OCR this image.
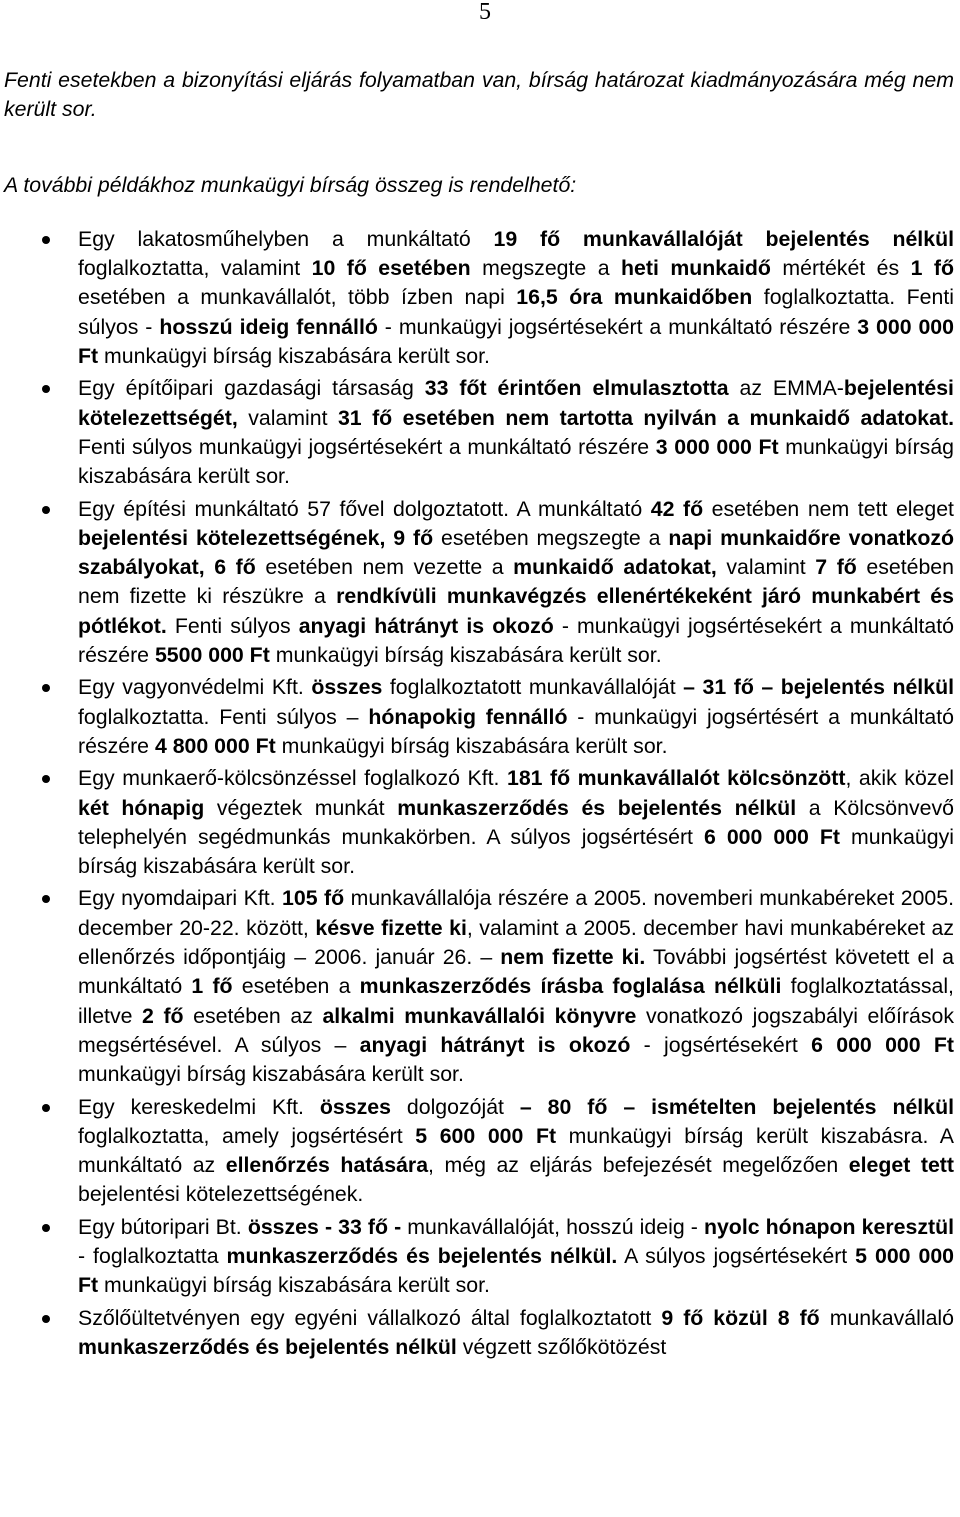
5

Fenti esetekben a bizonyítási eljárás folyamatban van, bírság határozat kiadmányozására még nem került sor.

A további példákhoz munkaügyi bírság összeg is rendelhető:

Egy lakatosműhelyben a munkáltató 19 fő munkavállalóját bejelentés nélkül foglalkoztatta, valamint 10 fő esetében megszegte a heti munkaidő mértékét és 1 fő esetében a munkavállalót, több ízben napi 16,5 óra munkaidőben foglalkoztatta. Fenti súlyos - hosszú ideig fennálló - munkaügyi jogsértésekért a munkáltató részére 3 000 000 Ft munkaügyi bírság kiszabására került sor.
Egy építőipari gazdasági társaság 33 főt érintően elmulasztotta az EMMA-bejelentési kötelezettségét, valamint 31 fő esetében nem tartotta nyilván a munkaidő adatokat. Fenti súlyos munkaügyi jogsértésekért a munkáltató részére 3 000 000 Ft munkaügyi bírság kiszabására került sor.
Egy építési munkáltató 57 fővel dolgoztatott. A munkáltató 42 fő esetében nem tett eleget bejelentési kötelezettségének, 9 fő esetében megszegte a napi munkaidőre vonatkozó szabályokat, 6 fő esetében nem vezette a munkaidő adatokat, valamint 7 fő esetében nem fizette ki részükre a rendkívüli munkavégzés ellenértékeként járó munkabért és pótlékot. Fenti súlyos anyagi hátrányt is okozó - munkaügyi jogsértésekért a munkáltató részére 5500 000 Ft munkaügyi bírság kiszabására került sor.
Egy vagyonvédelmi Kft. összes foglalkoztatott munkavállalóját – 31 fő – bejelentés nélkül foglalkoztatta. Fenti súlyos – hónapokig fennálló - munkaügyi jogsértésért a munkáltató részére 4 800 000 Ft munkaügyi bírság kiszabására került sor.
Egy munkaerő-kölcsönzéssel foglalkozó Kft. 181 fő munkavállalót kölcsönzött, akik közel két hónapig végeztek munkát munkaszerződés és bejelentés nélkül a Kölcsönvevő telephelyén segédmunkás munkakörben. A súlyos jogsértésért 6 000 000 Ft munkaügyi bírság kiszabására került sor.
Egy nyomdaipari Kft. 105 fő munkavállalója részére a 2005. novemberi munkabéreket 2005. december 20-22. között, késve fizette ki, valamint a 2005. december havi munkabéreket az ellenőrzés időpontjáig – 2006. január 26. – nem fizette ki. További jogsértést követett el a munkáltató 1 fő esetében a munkaszerződés írásba foglalása nélküli foglalkoztatással, illetve 2 fő esetében az alkalmi munkavállalói könyvre vonatkozó jogszabályi előírások megsértésével. A súlyos – anyagi hátrányt is okozó - jogsértésekért 6 000 000 Ft munkaügyi bírság kiszabására került sor.
Egy kereskedelmi Kft. összes dolgozóját – 80 fő – ismételten bejelentés nélkül foglalkoztatta, amely jogsértésért 5 600 000 Ft munkaügyi bírság került kiszabásra. A munkáltató az ellenőrzés hatására, még az eljárás befejezését megelőzően eleget tett bejelentési kötelezettségének.
Egy bútoripari Bt. összes - 33 fő - munkavállalóját, hosszú ideig - nyolc hónapon keresztül - foglalkoztatta munkaszerződés és bejelentés nélkül. A súlyos jogsértésekért 5 000 000 Ft munkaügyi bírság kiszabására került sor.
Szőlőültetvényen egy egyéni vállalkozó által foglalkoztatott 9 fő közül 8 fő munkavállaló munkaszerződés és bejelentés nélkül végzett szőlőkötözést
